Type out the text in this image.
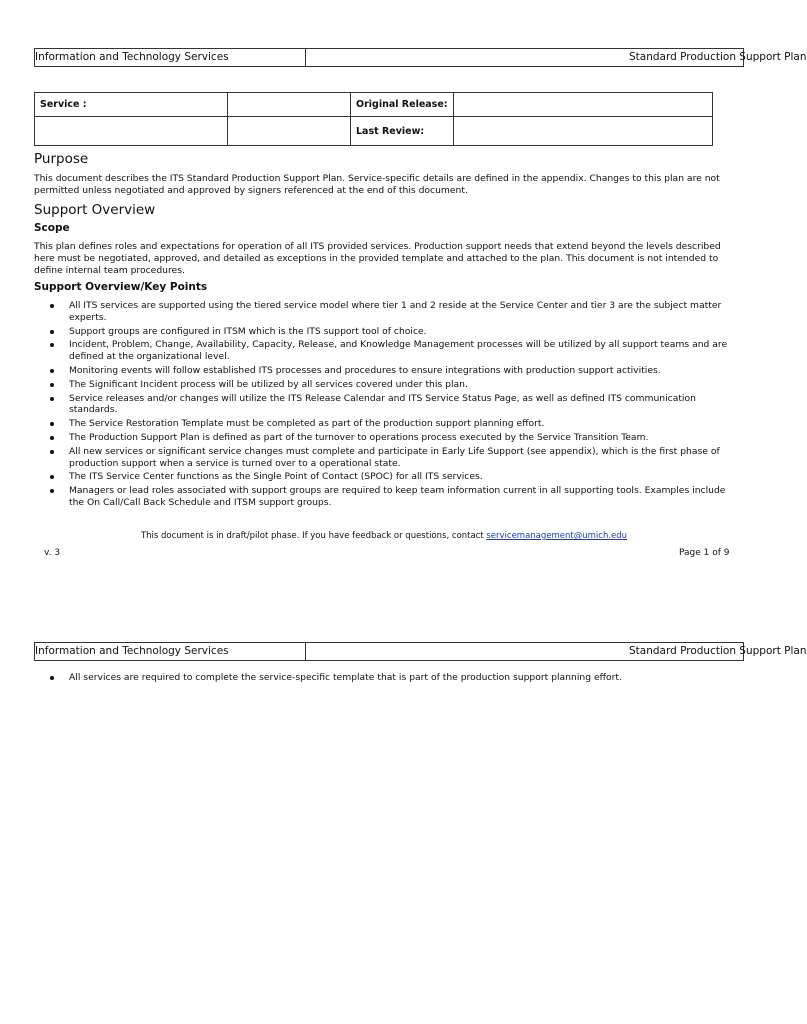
Information and Technology Services	Standard Production Support Plan
Service :		Original Release:	
		Last Review:	
Purpose

This document describes the ITS Standard Production Support Plan. Service-specific details are defined in the appendix. Changes to this plan are not permitted unless negotiated and approved by signers referenced at the end of this document.

Support Overview
Scope

This plan defines roles and expectations for operation of all ITS provided services. Production support needs that extend beyond the levels described here must be negotiated, approved, and detailed as exceptions in the provided template and attached to the plan. This document is not intended to define internal team procedures.

Support Overview/Key Points
All ITS services are supported using the tiered service model where tier 1 and 2 reside at the Service Center and tier 3 are the subject matter experts.
Support groups are configured in ITSM which is the ITS support tool of choice.
Incident, Problem, Change, Availability, Capacity, Release, and Knowledge Management processes will be utilized by all support teams and are defined at the organizational level.
Monitoring events will follow established ITS processes and procedures to ensure integrations with production support activities.
The Significant Incident process will be utilized by all services covered under this plan.
Service releases and/or changes will utilize the ITS Release Calendar and ITS Service Status Page, as well as defined ITS communication standards.
The Service Restoration Template must be completed as part of the production support planning effort.
The Production Support Plan is defined as part of the turnover to operations process executed by the Service Transition Team.
All new services or significant service changes must complete and participate in Early Life Support (see appendix), which is the first phase of production support when a service is turned over to a operational state.
The ITS Service Center functions as the Single Point of Contact (SPOC) for all ITS services.
Managers or lead roles associated with support groups are required to keep team information current in all supporting tools. Examples include the On Call/Call Back Schedule and ITSM support groups.
This document is in draft/pilot phase. If you have feedback or questions, contact servicemanagement@umich.edu
v. 3	Page 1 of 9
Information and Technology Services	Standard Production Support Plan
All services are required to complete the service-specific template that is part of the production support planning effort.
